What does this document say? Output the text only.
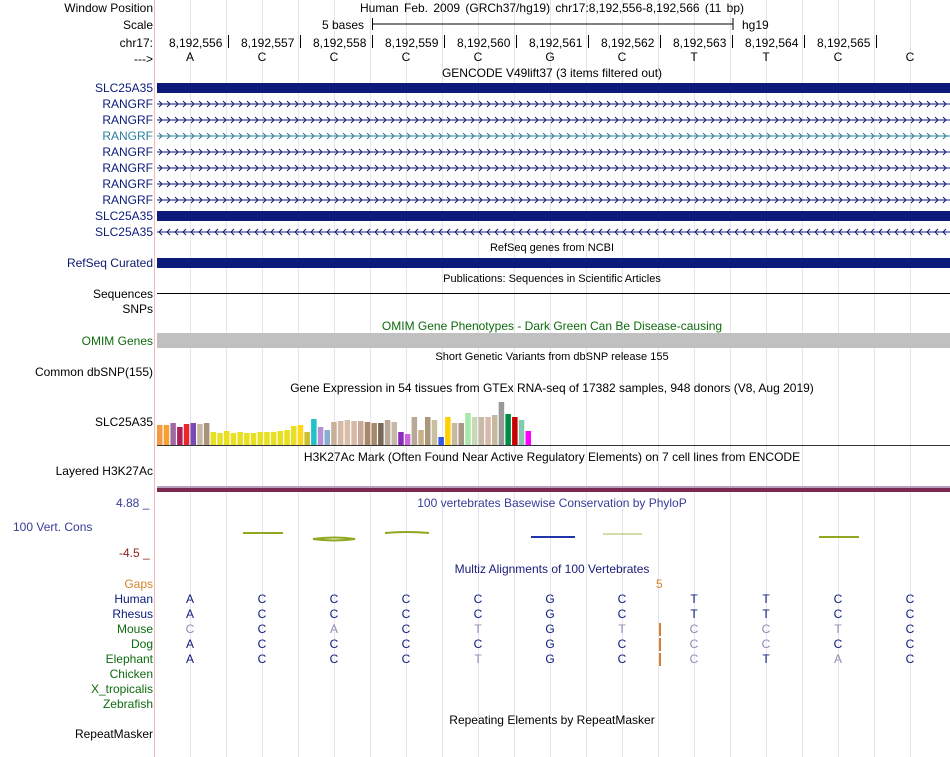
Window Position
Scale
chr17:
--->
Human Feb. 2009 (GRCh37/hg19) chr17:8,192,556-8,192,566 (11 bp)
5 bases	hg19
8,192,556 8,192,557 8,192,558 8,192,559 8,192,560 8,192,561 8,192,562 8,192,563 8,192,564 8,192,565
A	C	C	C	C	G	C	T	T	C	C
GENCODE V49lift37 (3 items filtered out)
SLC25A35
RANGRF
RANGRF
RANGRF
RANGRF
RANGRF
RANGRF
RANGRF
SLC25A35
SLC25A35
RefSeq genes from NCBI
RefSeq Curated
Publications: Sequences in Scientific Articles
Sequences
SNPs
OMIM Gene Phenotypes - Dark Green Can Be Disease-causing
OMIM Genes
Short Genetic Variants from dbSNP release 155
Common dbSNP(155)
Gene Expression in 54 tissues from GTEx RNA-seq of 17382 samples, 948 donors (V8, Aug 2019)
SLC25A35
H3K27Ac Mark (Often Found Near Active Regulatory Elements) on 7 cell lines from ENCODE
Layered H3K27Ac
100 vertebrates Basewise Conservation by PhyloP
4.88 _
100 Vert. Cons
-4.5 _
Multiz Alignments of 100 Vertebrates
Gaps	5
Human	A	C	C	C	C	G	C	T	T	C	C
Rhesus	A	C	C	C	C	G	C	T	T	C	C
Mouse	C	C	A	C	T	G	T	C	C	T	C
Dog	A	C	C	C	C	G	C	C	C	C	C
Elephant	A	C	C	C	T	G	C	C	T	A	C
Chicken
X_tropicalis
Zebrafish
Repeating Elements by RepeatMasker
RepeatMasker
